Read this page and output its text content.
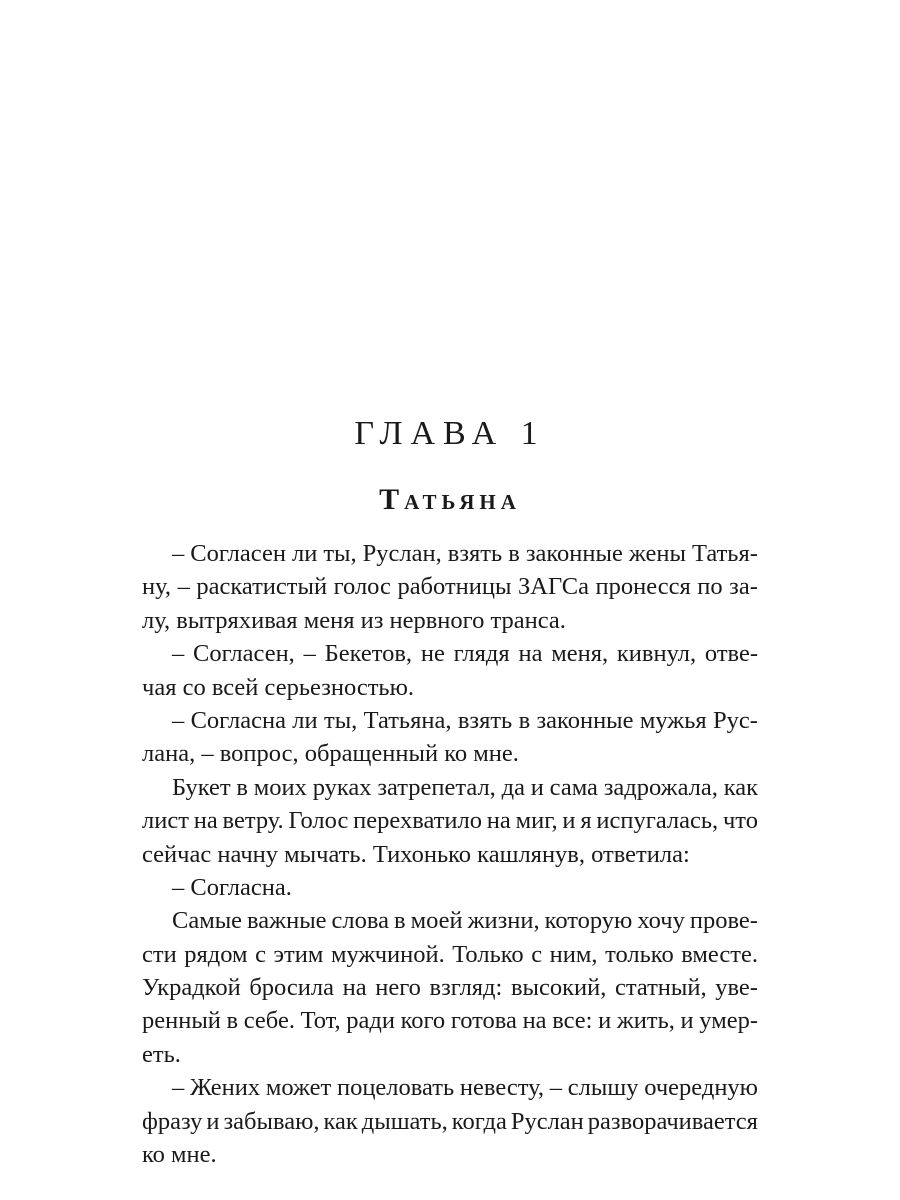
ГЛАВА 1
Татьяна
– Согласен ли ты, Руслан, взять в законные жены Татья-
ну, – раскатистый голос работницы ЗАГСа пронесся по за-
лу, вытряхивая меня из нервного транса.
– Согласен, – Бекетов, не глядя на меня, кивнул, отве-
чая со всей серьезностью.
– Согласна ли ты, Татьяна, взять в законные мужья Рус-
лана, – вопрос, обращенный ко мне.
Букет в моих руках затрепетал, да и сама задрожала, как
лист на ветру. Голос перехватило на миг, и я испугалась, что
сейчас начну мычать. Тихонько кашлянув, ответила:
– Согласна.
Самые важные слова в моей жизни, которую хочу прове-
сти рядом с этим мужчиной. Только с ним, только вместе.
Украдкой бросила на него взгляд: высокий, статный, уве-
ренный в себе. Тот, ради кого готова на все: и жить, и умер-
еть.
– Жених может поцеловать невесту, – слышу очередную
фразу и забываю, как дышать, когда Руслан разворачивается
ко мне.
